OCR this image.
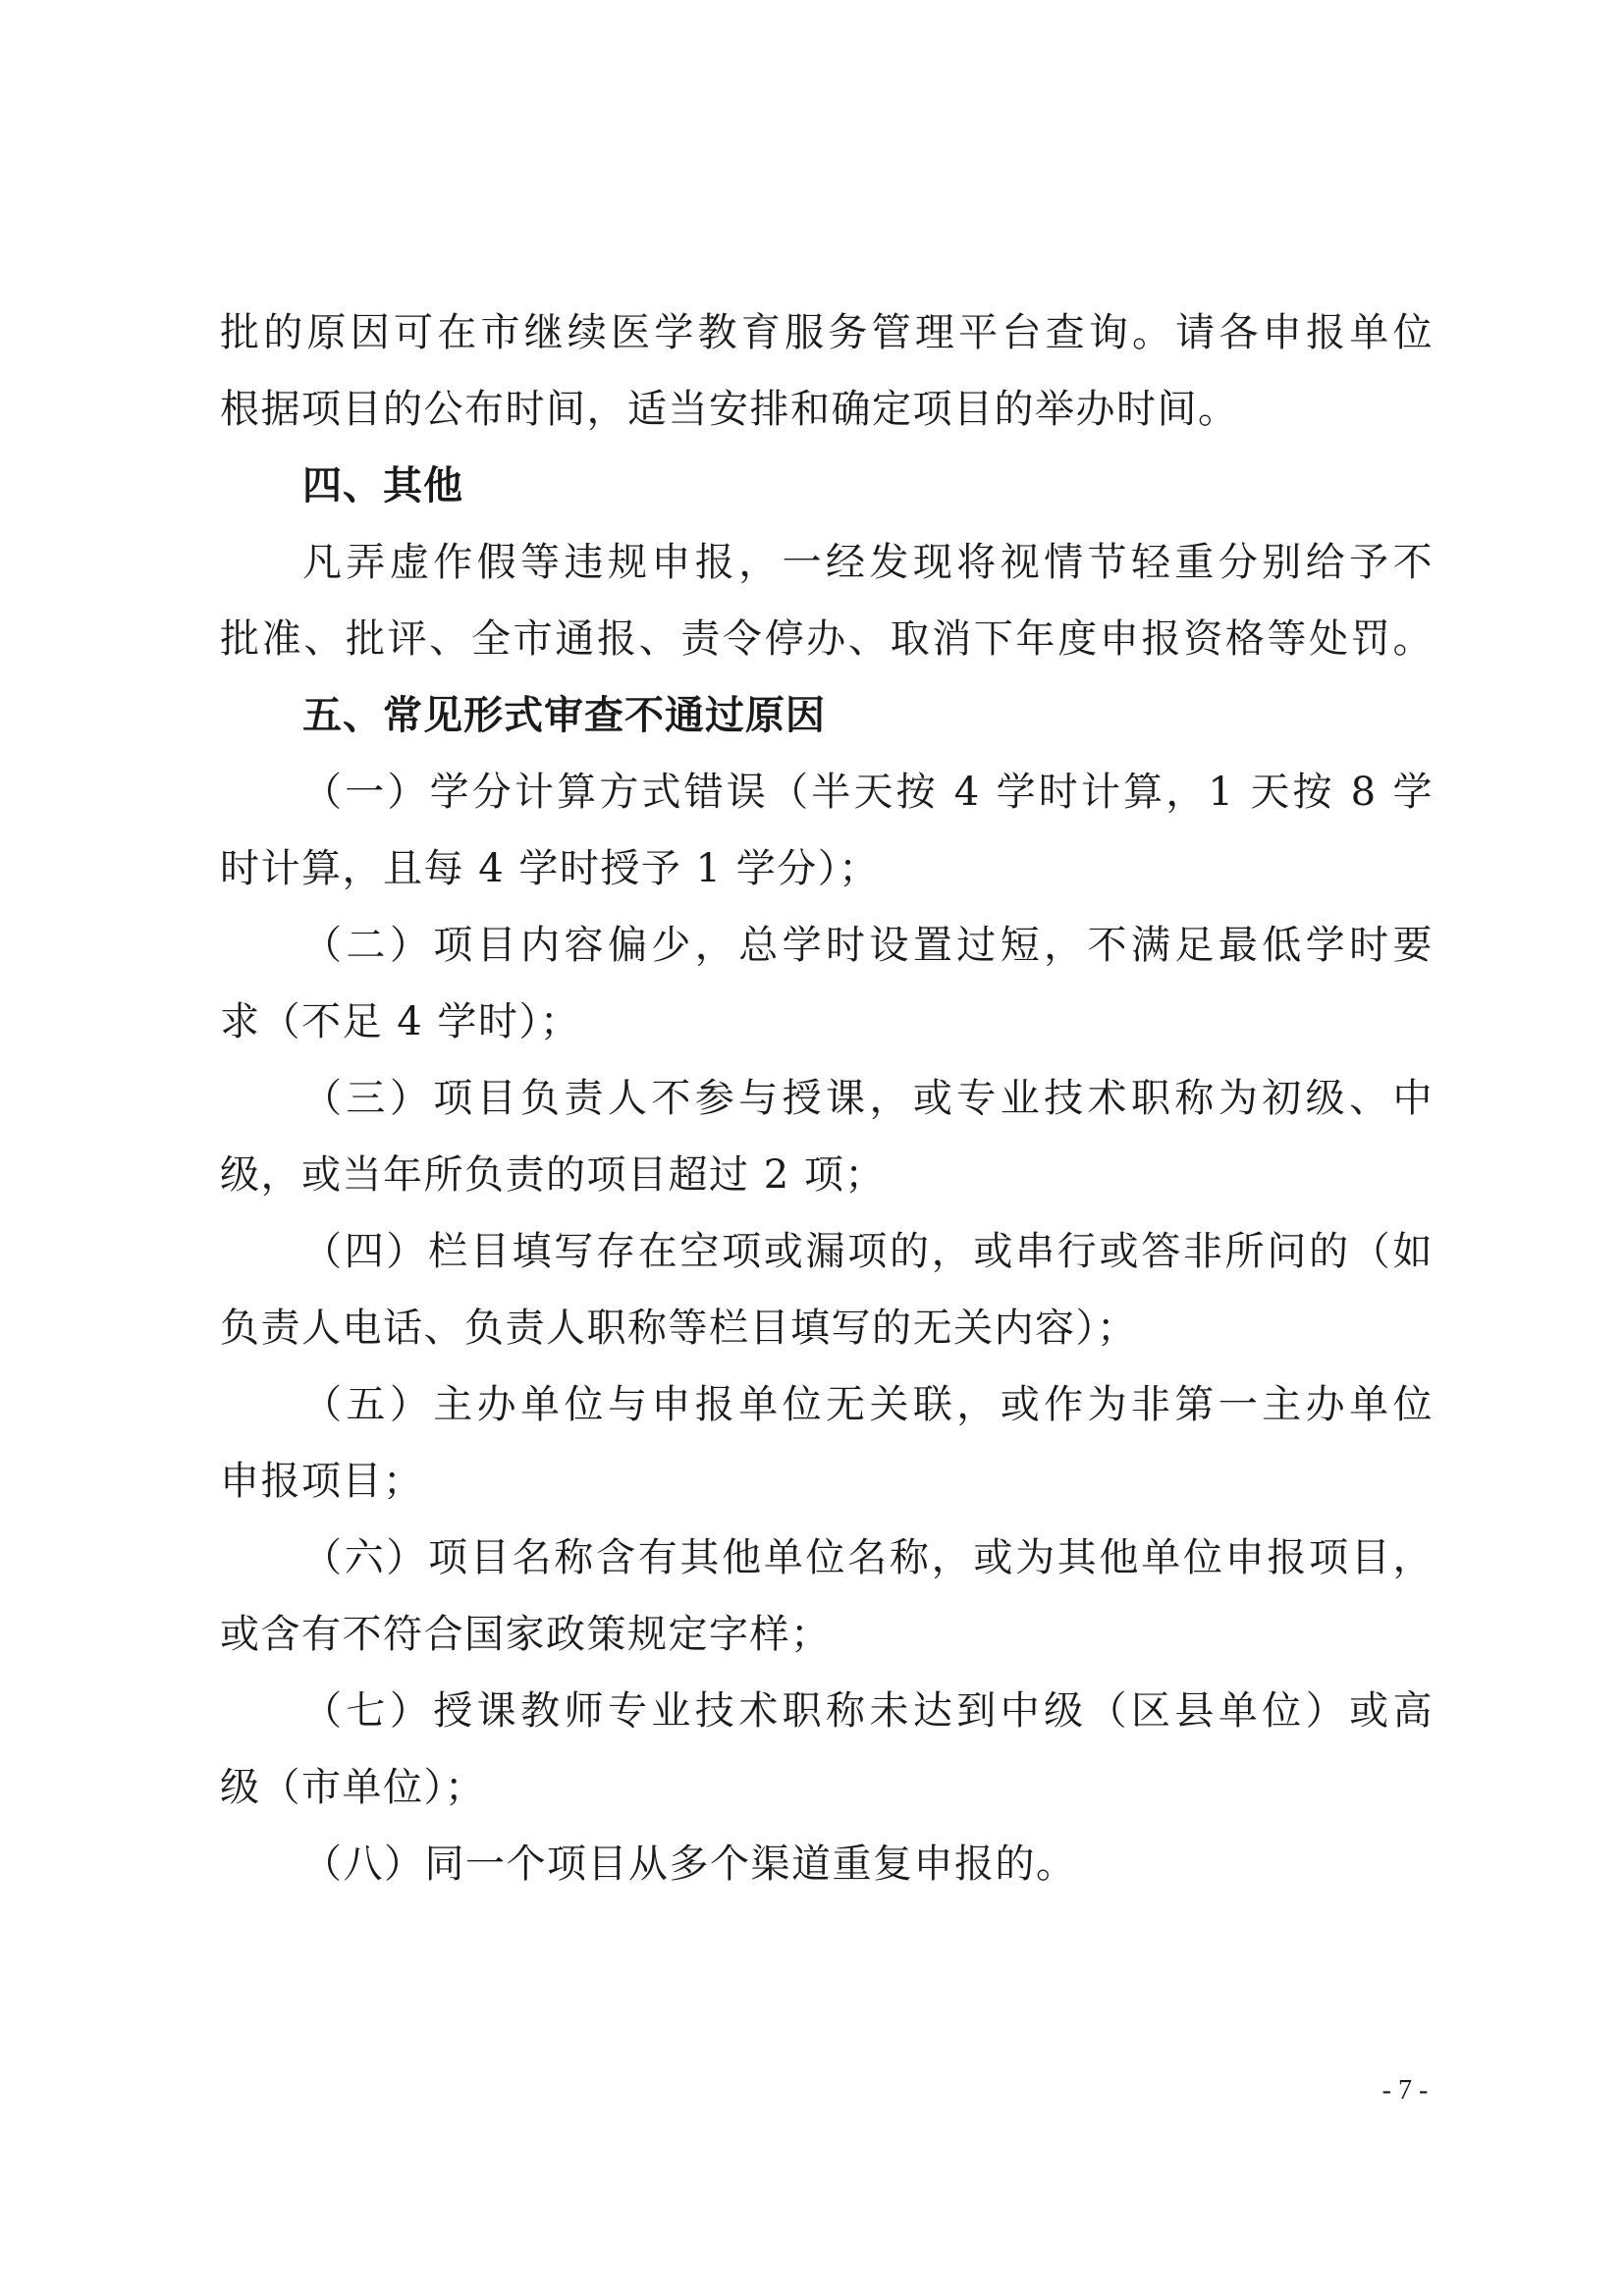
批的原因可在市继续医学教育服务管理平台查询。请各申报单位
根据项目的公布时间，适当安排和确定项目的举办时间。
四、其他
凡弄虚作假等违规申报，一经发现将视情节轻重分别给予不
批准、批评、全市通报、责令停办、取消下年度申报资格等处罚。
五、常见形式审查不通过原因
（一）学分计算方式错误（半天按 4 学时计算，1 天按 8 学
时计算，且每 4 学时授予 1 学分）；
（二）项目内容偏少，总学时设置过短，不满足最低学时要
求（不足 4 学时）；
（三）项目负责人不参与授课，或专业技术职称为初级、中
级，或当年所负责的项目超过 2 项；
（四）栏目填写存在空项或漏项的，或串行或答非所问的（如
负责人电话、负责人职称等栏目填写的无关内容）；
（五）主办单位与申报单位无关联，或作为非第一主办单位
申报项目；
（六）项目名称含有其他单位名称，或为其他单位申报项目，
或含有不符合国家政策规定字样；
（七）授课教师专业技术职称未达到中级（区县单位）或高
级（市单位）；
（八）同一个项目从多个渠道重复申报的。
- 7 -
